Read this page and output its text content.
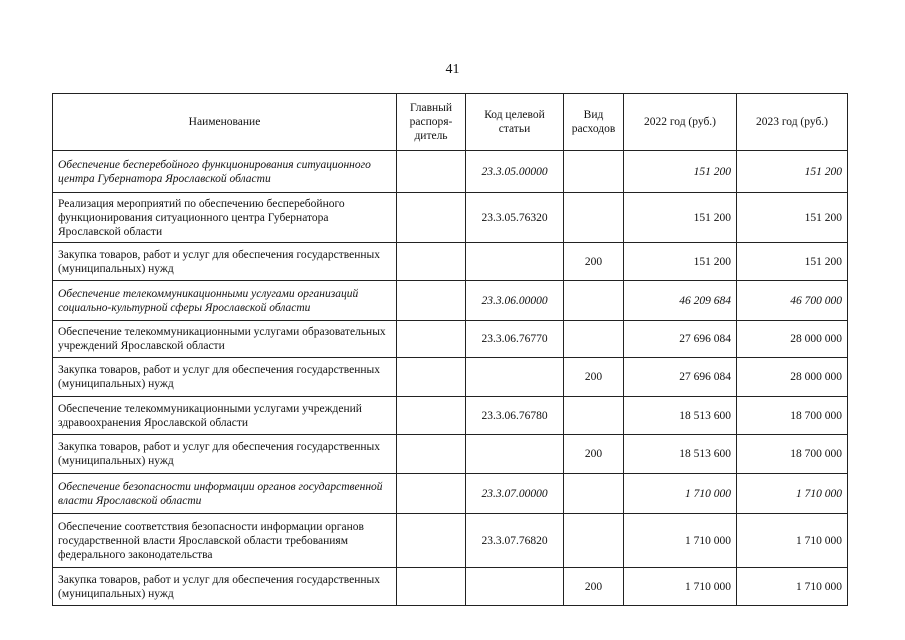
41
Наименование	Главный распоря-дитель	Код целевой статьи	Вид расходов	2022 год (руб.)	2023 год (руб.)
Обеспечение бесперебойного функционирования ситуационного центра Губернатора Ярославской области		23.3.05.00000		151 200	151 200
Реализация мероприятий по обеспечению бесперебойного функционирования ситуационного центра Губернатора Ярославской области		23.3.05.76320		151 200	151 200
Закупка товаров, работ и услуг для обеспечения государственных (муниципальных) нужд			200	151 200	151 200
Обеспечение телекоммуникационными услугами организаций социально-культурной сферы Ярославской области		23.3.06.00000		46 209 684	46 700 000
Обеспечение телекоммуникационными услугами образовательных учреждений Ярославской области		23.3.06.76770		27 696 084	28 000 000
Закупка товаров, работ и услуг для обеспечения государственных (муниципальных) нужд			200	27 696 084	28 000 000
Обеспечение телекоммуникационными услугами учреждений здравоохранения Ярославской области		23.3.06.76780		18 513 600	18 700 000
Закупка товаров, работ и услуг для обеспечения государственных (муниципальных) нужд			200	18 513 600	18 700 000
Обеспечение безопасности информации органов государственной власти Ярославской области		23.3.07.00000		1 710 000	1 710 000
Обеспечение соответствия безопасности информации органов государственной власти Ярославской области требованиям федерального законодательства		23.3.07.76820		1 710 000	1 710 000
Закупка товаров, работ и услуг для обеспечения государственных (муниципальных) нужд			200	1 710 000	1 710 000
